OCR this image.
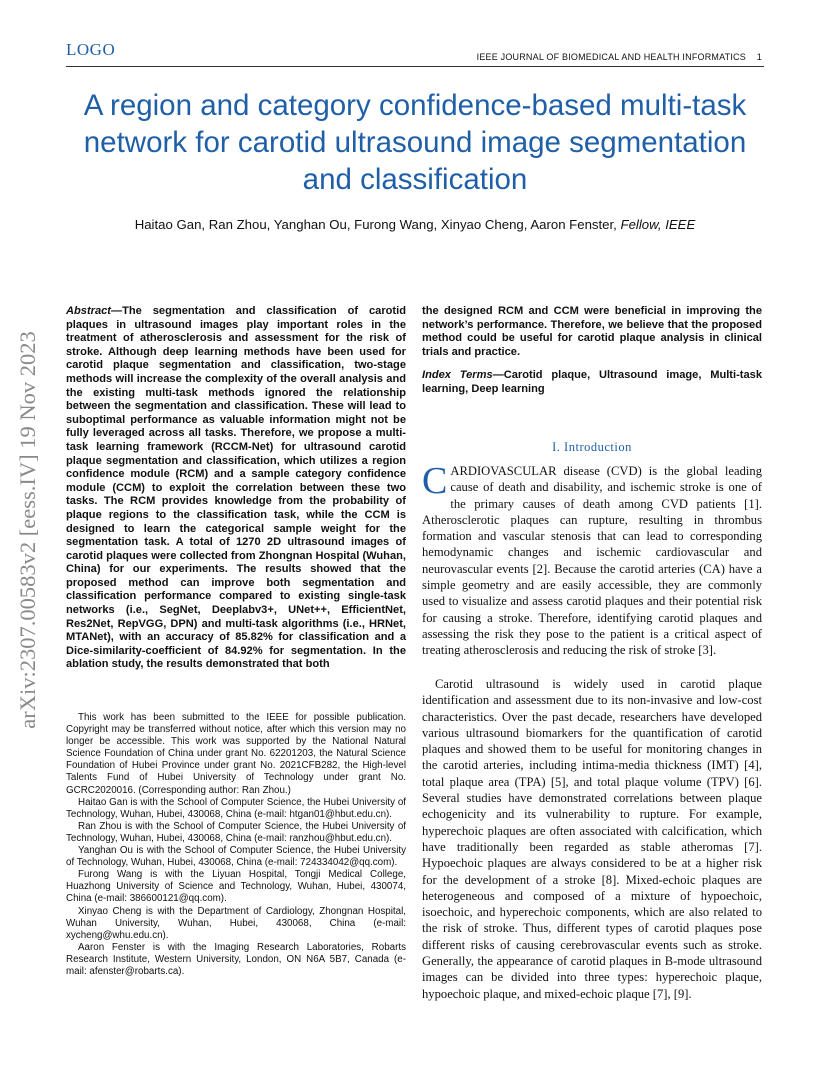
LOGO	IEEE JOURNAL OF BIOMEDICAL AND HEALTH INFORMATICS 1
A region and category confidence-based multi-task network for carotid ultrasound image segmentation and classification
Haitao Gan, Ran Zhou, Yanghan Ou, Furong Wang, Xinyao Cheng, Aaron Fenster, Fellow, IEEE
arXiv:2307.00583v2 [eess.IV] 19 Nov 2023
Abstract—The segmentation and classification of carotid plaques in ultrasound images play important roles in the treatment of atherosclerosis and assessment for the risk of stroke. Although deep learning methods have been used for carotid plaque segmentation and classification, two-stage methods will increase the complexity of the overall analysis and the existing multi-task methods ignored the relationship between the segmentation and classification. These will lead to suboptimal performance as valuable information might not be fully leveraged across all tasks. Therefore, we propose a multi-task learning framework (RCCM-Net) for ultrasound carotid plaque segmentation and classification, which utilizes a region confidence module (RCM) and a sample category confidence module (CCM) to exploit the correlation between these two tasks. The RCM provides knowledge from the probability of plaque regions to the classification task, while the CCM is designed to learn the categorical sample weight for the segmentation task. A total of 1270 2D ultrasound images of carotid plaques were collected from Zhongnan Hospital (Wuhan, China) for our experiments. The results showed that the proposed method can improve both segmentation and classification performance compared to existing single-task networks (i.e., SegNet, Deeplabv3+, UNet++, EfficientNet, Res2Net, RepVGG, DPN) and multi-task algorithms (i.e., HRNet, MTANet), with an accuracy of 85.82% for classification and a Dice-similarity-coefficient of 84.92% for segmentation. In the ablation study, the results demonstrated that both
the designed RCM and CCM were beneficial in improving the network’s performance. Therefore, we believe that the proposed method could be useful for carotid plaque analysis in clinical trials and practice.
Index Terms—Carotid plaque, Ultrasound image, Multi-task learning, Deep learning

This work has been submitted to the IEEE for possible publication. Copyright may be transferred without notice, after which this version may no longer be accessible. This work was supported by the National Natural Science Foundation of China under grant No. 62201203, the Natural Science Foundation of Hubei Province under grant No. 2021CFB282, the High-level Talents Fund of Hubei University of Technology under grant No. GCRC2020016. (Corresponding author: Ran Zhou.)

Haitao Gan is with the School of Computer Science, the Hubei University of Technology, Wuhan, Hubei, 430068, China (e-mail: htgan01@hbut.edu.cn).

Ran Zhou is with the School of Computer Science, the Hubei University of Technology, Wuhan, Hubei, 430068, China (e-mail: ranzhou@hbut.edu.cn).

Yanghan Ou is with the School of Computer Science, the Hubei University of Technology, Wuhan, Hubei, 430068, China (e-mail: 724334042@qq.com).

Furong Wang is with the Liyuan Hospital, Tongji Medical College, Huazhong University of Science and Technology, Wuhan, Hubei, 430074, China (e-mail: 386600121@qq.com).

Xinyao Cheng is with the Department of Cardiology, Zhongnan Hospital, Wuhan University, Wuhan, Hubei, 430068, China (e-mail: xycheng@whu.edu.cn).

Aaron Fenster is with the Imaging Research Laboratories, Robarts Research Institute, Western University, London, ON N6A 5B7, Canada (e-mail: afenster@robarts.ca).

I. Introduction
CARDIOVASCULAR disease (CVD) is the global leading cause of death and disability, and ischemic stroke is one of the primary causes of death among CVD patients [1]. Atherosclerotic plaques can rupture, resulting in thrombus formation and vascular stenosis that can lead to corresponding hemodynamic changes and ischemic cardiovascular and neurovascular events [2]. Because the carotid arteries (CA) have a simple geometry and are easily accessible, they are commonly used to visualize and assess carotid plaques and their potential risk for causing a stroke. Therefore, identifying carotid plaques and assessing the risk they pose to the patient is a critical aspect of treating atherosclerosis and reducing the risk of stroke [3].
Carotid ultrasound is widely used in carotid plaque identification and assessment due to its non-invasive and low-cost characteristics. Over the past decade, researchers have developed various ultrasound biomarkers for the quantification of carotid plaques and showed them to be useful for monitoring changes in the carotid arteries, including intima-media thickness (IMT) [4], total plaque area (TPA) [5], and total plaque volume (TPV) [6]. Several studies have demonstrated correlations between plaque echogenicity and its vulnerability to rupture. For example, hyperechoic plaques are often associated with calcification, which have traditionally been regarded as stable atheromas [7]. Hypoechoic plaques are always considered to be at a higher risk for the development of a stroke [8]. Mixed-echoic plaques are heterogeneous and composed of a mixture of hypoechoic, isoechoic, and hyperechoic components, which are also related to the risk of stroke. Thus, different types of carotid plaques pose different risks of causing cerebrovascular events such as stroke. Generally, the appearance of carotid plaques in B-mode ultrasound images can be divided into three types: hyperechoic plaque, hypoechoic plaque, and mixed-echoic plaque [7], [9].
